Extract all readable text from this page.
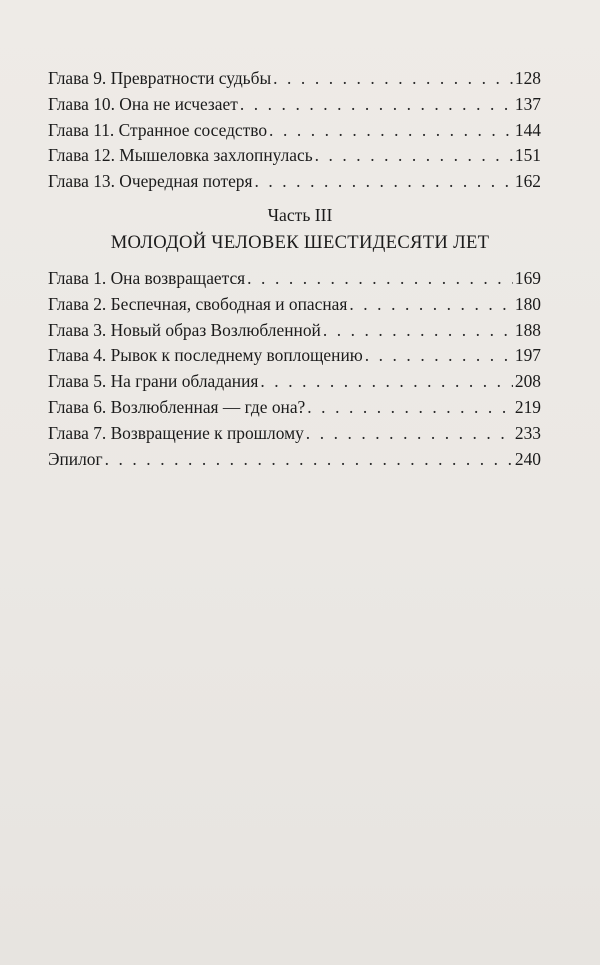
Глава 9. Превратности судьбы . . .	128
Глава 10. Она не исчезает . . .	137
Глава 11. Странное соседство . . .	144
Глава 12. Мышеловка захлопнулась . . .	151
Глава 13. Очередная потеря . . .	162
Часть III
МОЛОДОЙ ЧЕЛОВЕК ШЕСТИДЕСЯТИ ЛЕТ
Глава 1. Она возвращается . . .	169
Глава 2. Беспечная, свободная и опасная . . .	180
Глава 3. Новый образ Возлюбленной . . .	188
Глава 4. Рывок к последнему воплощению . . .	197
Глава 5. На грани обладания . . .	208
Глава 6. Возлюбленная — где она? . . .	219
Глава 7. Возвращение к прошлому . . .	233
Эпилог . . .	240
